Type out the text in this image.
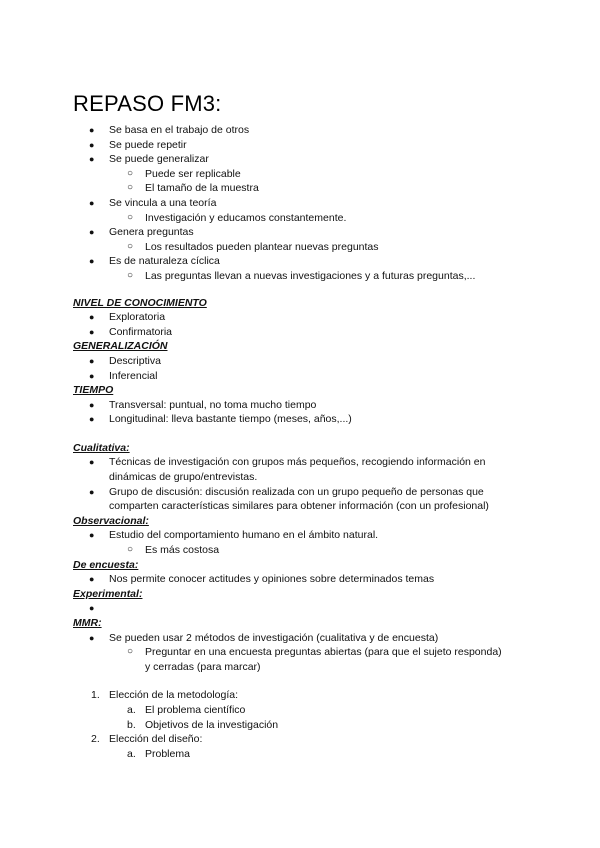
REPASO FM3:
● Se basa en el trabajo de otros
● Se puede repetir
● Se puede generalizar
○ Puede ser replicable
○ El tamaño de la muestra
● Se vincula a una teoría
○ Investigación y educamos constantemente.
● Genera preguntas
○ Los resultados pueden plantear nuevas preguntas
● Es de naturaleza cíclica
○ Las preguntas llevan a nuevas investigaciones y a futuras preguntas,...
NIVEL DE CONOCIMIENTO
● Exploratoria
● Confirmatoria
GENERALIZACIÓN
● Descriptiva
● Inferencial
TIEMPO
● Transversal: puntual, no toma mucho tiempo
● Longitudinal: lleva bastante tiempo (meses, años,...)
Cualitativa:
● Técnicas de investigación con grupos más pequeños, recogiendo información en
dinámicas de grupo/entrevistas.
● Grupo de discusión: discusión realizada con un grupo pequeño de personas que
comparten características similares para obtener información (con un profesional)
Observacional:
● Estudio del comportamiento humano en el ámbito natural.
○ Es más costosa
De encuesta:
● Nos permite conocer actitudes y opiniones sobre determinados temas
Experimental:
●
MMR:
● Se pueden usar 2 métodos de investigación (cualitativa y de encuesta)
○ Preguntar en una encuesta preguntas abiertas (para que el sujeto responda)
y cerradas (para marcar)
1. Elección de la metodología:
a. El problema científico
b. Objetivos de la investigación
2. Elección del diseño:
a. Problema
